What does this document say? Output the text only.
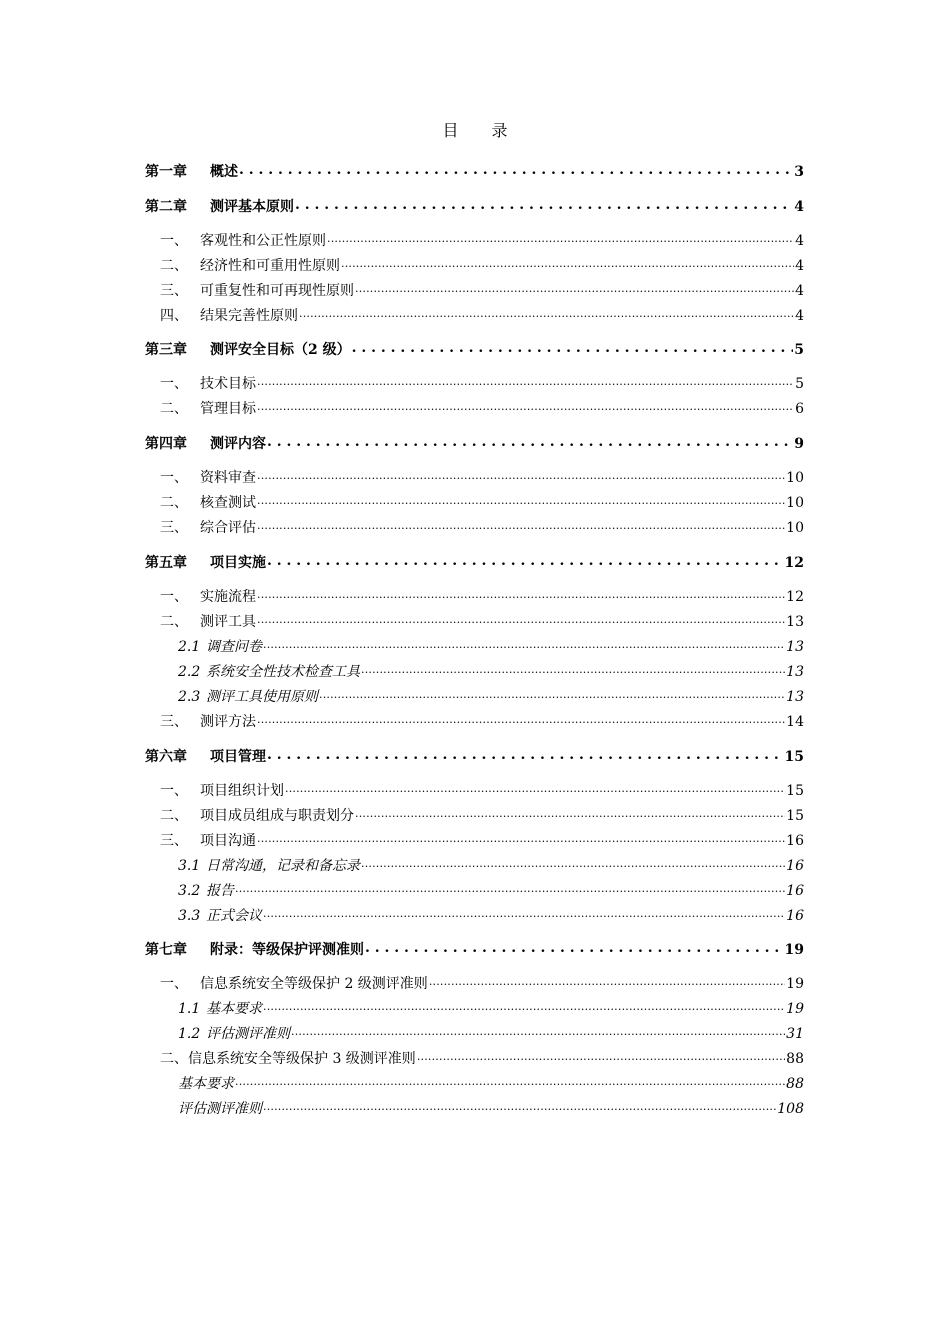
目 录
第一章	概述 . . .	3
第二章	测评基本原则 . . .	4
一、 客观性和公正性原则 .....	4
二、 经济性和可重用性原则 .....	4
三、 可重复性和可再现性原则 .....	4
四、 结果完善性原则 .....	4
第三章	测评安全目标（2 级） . . .	5
一、 技术目标 .....	5
二、 管理目标 .....	6
第四章	测评内容 . . .	9
一、 资料审查 .....	10
二、 核查测试 .....	10
三、 综合评估 .....	10
第五章	项目实施 . . .	12
一、 实施流程 .....	12
二、 测评工具 .....	13
2.1 调查问卷 .....	13
2.2 系统安全性技术检查工具 .....	13
2.3 测评工具使用原则 .....	13
三、 测评方法 .....	14
第六章	项目管理 . . .	15
一、 项目组织计划 .....	15
二、 项目成员组成与职责划分 .....	15
三、 项目沟通 .....	16
3.1 日常沟通，记录和备忘录 .....	16
3.2 报告 .....	16
3.3 正式会议 .....	16
第七章	附录：等级保护评测准则 . . .	19
一、 信息系统安全等级保护 2 级测评准则 .....	19
1.1 基本要求 .....	19
1.2 评估测评准则 .....	31
二、信息系统安全等级保护 3 级测评准则 .....	88
基本要求 .....	88
评估测评准则 .....	108
